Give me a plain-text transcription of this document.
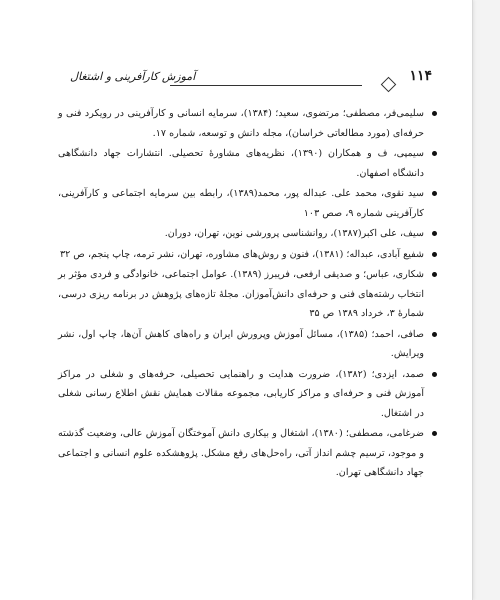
آموزش کارآفرینی و اشتغال	۱۱۴
سلیمی‌فر، مصطفی؛ مرتضوی، سعید؛ (۱۳۸۴)، سرمایه انسانی و کارآفرینی در رویکرد فنی و حرفه‌ای (مورد مطالعاتی خراسان)، مجله دانش و توسعه، شماره ۱۷.
سیمپی، ف و همکاران (۱۳۹۰)، نظریه‌های مشاورهٔ تحصیلی. انتشارات جهاد دانشگاهی دانشگاه اصفهان.
سید نقوی، محمد علی. عبداله پور، محمد(۱۳۸۹)، رابطه بین سرمایه اجتماعی و کارآفرینی، کارآفرینی شماره ۹، صص ۱۰۳
سیف، علی اکبر(۱۳۸۷)، روانشناسی پرورشی نوین، تهران، دوران.
شفیع آبادی، عبداله؛ (۱۳۸۱)، فنون و روش‌های مشاوره، تهران، نشر ترمه، چاپ پنجم، ص ۳۲
شکاری، عباس؛ و صدیقی ارفعی، فریبرز (۱۳۸۹). عوامل اجتماعی، خانوادگی و فردی مؤثر بر انتخاب رشته‌های فنی و حرفه‌ای دانش‌آموزان. مجلهٔ تازه‌های پژوهش در برنامه ریزی درسی، شمارهٔ ۳، خرداد ۱۳۸۹ ص ۳۵
صافی، احمد؛ (۱۳۸۵)، مسائل آموزش وپرورش ایران و راه‌های کاهش آن‌ها، چاپ اول، نشر ویرایش.
صمد، ایزدی؛ (۱۳۸۲)، ضرورت هدایت و راهنمایی تحصیلی، حرفه‌های و شغلی در مراکز آموزش فنی و حرفه‌ای و مراکز کاریابی، مجموعه مقالات همایش نقش اطلاع رسانی شغلی در اشتغال.
ضرغامی، مصطفی؛ (۱۳۸۰)، اشتغال و بیکاری دانش آموختگان آموزش عالی، وضعیت گذشته و موجود، ترسیم چشم انداز آتی، راه‌حل‌های رفع مشکل. پژوهشکده علوم انسانی و اجتماعی جهاد دانشگاهی تهران.
